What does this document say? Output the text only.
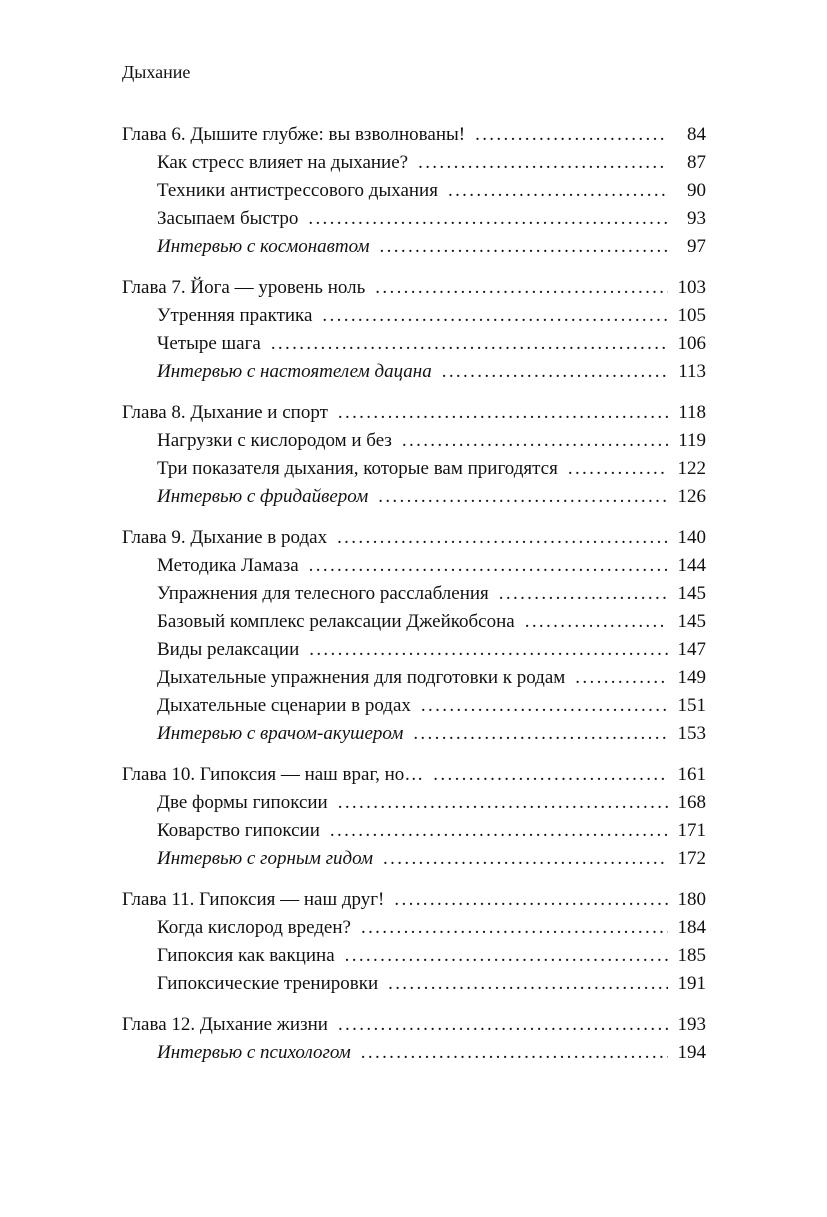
Дыхание
Глава 6. Дышите глубже: вы взволнованы! . . .	84
Как стресс влияет на дыхание? . . .	87
Техники антистрессового дыхания . . .	90
Засыпаем быстро . . .	93
Интервью с космонавтом . . .	97
Глава 7. Йога — уровень ноль . . .	103
Утренняя практика . . .	105
Четыре шага . . .	106
Интервью с настоятелем дацана . . .	113
Глава 8. Дыхание и спорт . . .	118
Нагрузки с кислородом и без . . .	119
Три показателя дыхания, которые вам пригодятся . . .	122
Интервью с фридайвером . . .	126
Глава 9. Дыхание в родах . . .	140
Методика Ламаза . . .	144
Упражнения для телесного расслабления . . .	145
Базовый комплекс релаксации Джейкобсона . . .	145
Виды релаксации . . .	147
Дыхательные упражнения для подготовки к родам . . .	149
Дыхательные сценарии в родах . . .	151
Интервью с врачом-акушером . . .	153
Глава 10. Гипоксия — наш враг, но… . . .	161
Две формы гипоксии . . .	168
Коварство гипоксии . . .	171
Интервью с горным гидом . . .	172
Глава 11. Гипоксия — наш друг! . . .	180
Когда кислород вреден? . . .	184
Гипоксия как вакцина . . .	185
Гипоксические тренировки . . .	191
Глава 12. Дыхание жизни . . .	193
Интервью с психологом . . .	194
